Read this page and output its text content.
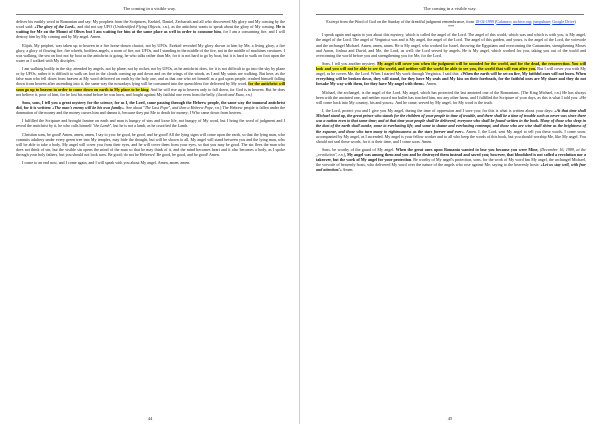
The coming in a visible way.

deliver his earthly word in Romanian and say: My prophets from the Scriptures, Ezekiel, Daniel, Zechariah and all who discovered My glory and My coming by the word said: «The glory of the Lord», and did not say UFO (Unidentified Flying Objects, r.n.), as the antichrist wants to speak about the glory of My coming. He is waiting for Me on the Mount of Olives but I am waiting for him at the same place as well in order to consume him, for I am a consuming fire, and I will destroy him by My coming and by My angel. Amen.

Elijah, My prophet, was taken up to heaven in a fire horse-drawn chariot, not by UFOs. Ezekiel revealed My glory shown to him by Me, a living glory, a fire glory, a glory of flowing fire, fire wheels, bodiless angels, a room of fire, not UFOs, and I standing in the middle of the fire, not in the middle of machines creatures. I was walking, the sea on foot not by boat as the antichrist is going, he who talks rather than Me, for it is not hard to go by boat, but it is hard to walk on foot upon the water as I walked with My disciples.

I am walking bodily in the sky, attended by angels, not by plane, not by rocket, not by UFOs, as he antichrist does, for it is not difficult to go into the sky by plane or by UFOs, rather it is difficult to walk on foot in the clouds coming up and down and on the wings of the winds, as I and My saints are walking. But here, as the false man who fell down from heaven at My word delivered on earth by the holy one, and as that one who set himself as a god upon people, crashed himself falling down from heaven after ascending into it, the same way the nowadays lying will be consumed into the quenchless fire delivered by My word, for the antichrist will soon go up to heaven in order to come down on earth in My place to be king. And he will rise up to heaven only to fall down, for God is in heaven. But he does not believe it, poor of him, for he lost his mind before he was born, and fought against My faithful one even from the belly. (Jacob and Esau, r.n.)

Sons, sons, I tell you a great mystery for the science, for as I, the Lord, came passing through the Hebrew people, the same way the immoral antichrist did, for it is written: «The man's enemy will be his own family». See about "The Last Pope", and then a Hebrew Pope, r.n.) The Hebrew people is fallen under the damnation of the money and the money curses him and damns it, because they put Me to death for money; I Who came down from heaven.

I fulfilled the Scripture and brought famine on earth and man is hungry of sins and loose life, not hungry of My word, but I bring the word of judgment and I reveal the antichrist by it, he who calls himself "the Lamb", but he is not a lamb, as he crucified the Lamb.

Christian sons, be good! Amen, amen, amen, I say to you: be good, be good, and be good! All the lying signs will come upon the earth, so that the lying man, who commits adultery under every green tree into My temples, may hide the thought, but will be shown to all. My angel will stand between you and the lying man, who will be able to take a body. My angel will cover you from their eyes, and he will cover them from your eyes, so that you may be good. The sin flees the man who does not think of sin, but the visible sin opens the mind of the man so that he may think of it, and the mind becomes heart and it also becomes a body, as I spoke through your holy fathers, but you should not look sons. Be good; do not be Hebrews! Be good, be good, and be good! Amen.

I come to an end now, and I come again, and I will speak with you about My angel. Amen, amen, amen.

44
The coming in a visible way.

Excerpt from the Word of God on the Sunday of the dreadful judgment remembrance, from 18-02-1999 (Calameo; archive.org; jumpshare; Google Drive)
***

I speak again and again to you about this mystery, which is called the angel of the Lord. The angel of this world, which was and which is with you, is My angel, the angel of the Lord. The angel of Verginica was and is My angel, the angel of the Lord. The angel of this garden, and yours, is the angel of the Lord, the voievode and the archangel Michael. Amen, amen, amen. He is My angel, who worked for Israel, throwing the Egyptians and overcoming the Canaanites, strengthening Moses and Aaron, Joshua and David, and Me, the Lord, as well; the Lord served by angels. He is My angel, which worked for you, taking you out of the world and overcoming the world before you and strengthening you for Me, for the Lord.

Sons, I tell you another mystery. My angel will cover you when the judgment will be sounded for the world, and for the dead, the resurrection. You will look and you will not be able to see the world, and neither will the world be able to see you, the world that will run after you. But I will cover you with My angel, as he covers Me, the Lord. When I started My work through Verginica, I said this: «When the earth will be set on fire, My faithful ones will not burn. When everything will be broken down, they will stand, for they have My seals and My kiss on their foreheads, for the faithful ones are My share and they do not forsake My way with them, for they have My angel with them». Amen.

Michael, the archangel, is the angel of the Lord. My angel, which has protected the last anointed one of the Romanians. (The King Michael, r.n.) He has always been with the anointed one, and neither sword nor bullet has touched him, nor any other harm, and I fulfilled the Scripture of your days, as this is what I told you: «He will come back into My country, his and yours». And he came, served by My angel, for My word is the truth.

I, the Lord, protect you and I give you My angel, during the time of oppression and I save you; for this is what is written about your days: «At that time shall Michael stand up, the great prince who stands for the children of your people in time of trouble, and there shall be a time of trouble such as never was since there was a nation even to that same time; and at that time your people shall be delivered, everyone who shall be found written in the book. Many of those who sleep in the dust of the earth shall awake, some to everlasting life, and some to shame and everlasting contempt, and those who are wise shall shine as the brightness of the expanse, and those who turn many to righteousness as the stars forever and ever». Amen. I, the Lord, sent My angel to tell you these words. I come soon, accompanied by My angel, as I ascended. My angel is your fellow worker and to all who keep the words of this book, but you should worship Me, like My angel. You should not seal these words, for it is their time, and I come soon. Amen.

Sons, be worthy of the guard of My angel. When the great ones upon Romania wanted to lose you because you were Mine, (December 16, 1989, at the „revolution", r.n.), My angel was among them and you and he destroyed them instead and saved you; however, that bloodshed is not called a revolution nor a takeover, but the work of My angel for your protection. Be worthy of My angel's protection, sons, for the work of My word has My angel, the archangel Michael, the voivode of heavenly hosts, who delivered My word over the nature of the angels who rose against Me, saying to the heavenly hosts: «Let us stay well, with fear and attention!» Amen.

45
